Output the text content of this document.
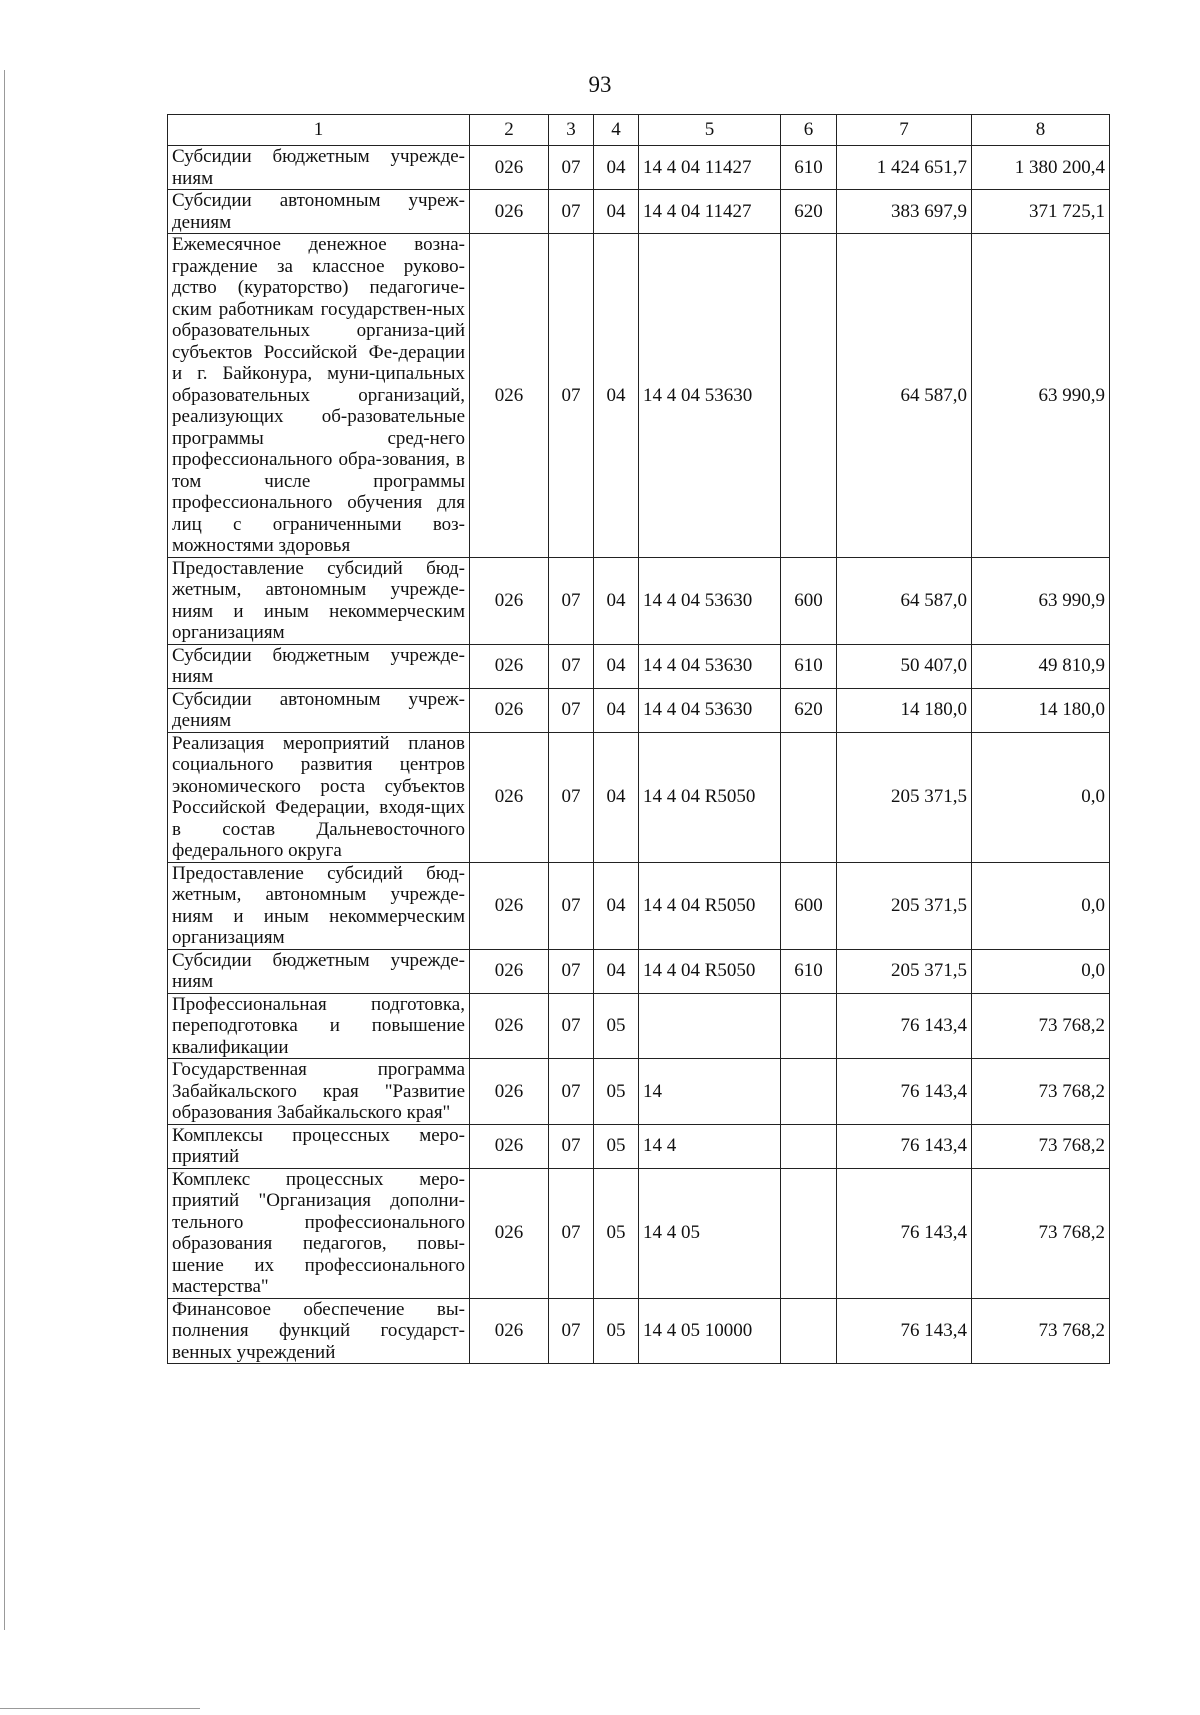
93
1	2	3	4	5	6	7	8
Субсидии бюджетным учрежде-ниям	026	07	04	14 4 04 11427	610	1 424 651,7	1 380 200,4
Субсидии автономным учреж-дениям	026	07	04	14 4 04 11427	620	383 697,9	371 725,1
Ежемесячное денежное возна-граждение за классное руково-дство (кураторство) педагогиче-ским работникам государствен-ных образовательных организа-ций субъектов Российской Фе-дерации и г. Байконура, муни-ципальных образовательных организаций, реализующих об-разовательные программы сред-него профессионального обра-зования, в том числе программы профессионального обучения для лиц с ограниченными воз-можностями здоровья	026	07	04	14 4 04 53630		64 587,0	63 990,9
Предоставление субсидий бюд-жетным, автономным учрежде-ниям и иным некоммерческим организациям	026	07	04	14 4 04 53630	600	64 587,0	63 990,9
Субсидии бюджетным учрежде-ниям	026	07	04	14 4 04 53630	610	50 407,0	49 810,9
Субсидии автономным учреж-дениям	026	07	04	14 4 04 53630	620	14 180,0	14 180,0
Реализация мероприятий планов социального развития центров экономического роста субъектов Российской Федерации, входя-щих в состав Дальневосточного федерального округа	026	07	04	14 4 04 R5050		205 371,5	0,0
Предоставление субсидий бюд-жетным, автономным учрежде-ниям и иным некоммерческим организациям	026	07	04	14 4 04 R5050	600	205 371,5	0,0
Субсидии бюджетным учрежде-ниям	026	07	04	14 4 04 R5050	610	205 371,5	0,0
Профессиональная подготовка, переподготовка и повышение квалификации	026	07	05			76 143,4	73 768,2
Государственная программа Забайкальского края "Развитие образования Забайкальского края"	026	07	05	14		76 143,4	73 768,2
Комплексы процессных меро-приятий	026	07	05	14 4		76 143,4	73 768,2
Комплекс процессных меро-приятий "Организация дополни-тельного профессионального образования педагогов, повы-шение их профессионального мастерства"	026	07	05	14 4 05		76 143,4	73 768,2
Финансовое обеспечение вы-полнения функций государст-венных учреждений	026	07	05	14 4 05 10000		76 143,4	73 768,2
